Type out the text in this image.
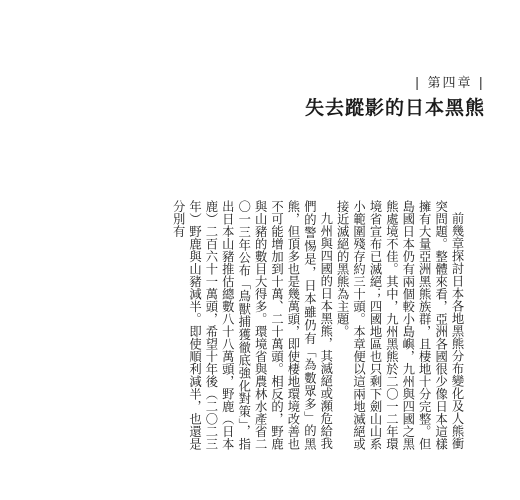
| 第四章 |
失去蹤影的日本黑熊

前幾章探討日本各地黑熊分布變化及人熊衝突問題。整體來看，亞洲各國很少像日本這樣擁有大量亞洲黑熊族群，且棲地十分完整。但島國日本仍有兩個較小島嶼，九州與四國之黑熊處境不佳。其中，九州黑熊於二〇一二年環境省宣布已滅絕；四國地區也只剩下劍山山系小範圍殘存約三十頭。本章便以這兩地滅絕或接近滅絕的黑熊為主題。

九州與四國的日本黑熊，其滅絕或瀕危給我們的警惕是，日本雖仍有「為數眾多」的黑熊，但頂多也是幾萬頭，即使棲地環境改善也不可能增加到十萬、二十萬頭。相反的，野鹿與山豬的數目大得多。環境省與農林水產省二〇一三年公布「鳥獸捕獲徹底強化對策」，指出日本山豬推估總數八十八萬頭，野鹿（日本鹿）二百六十一萬頭，希望十年後（二〇二三年）野鹿與山豬減半。即使順利減半，也還是分別有
